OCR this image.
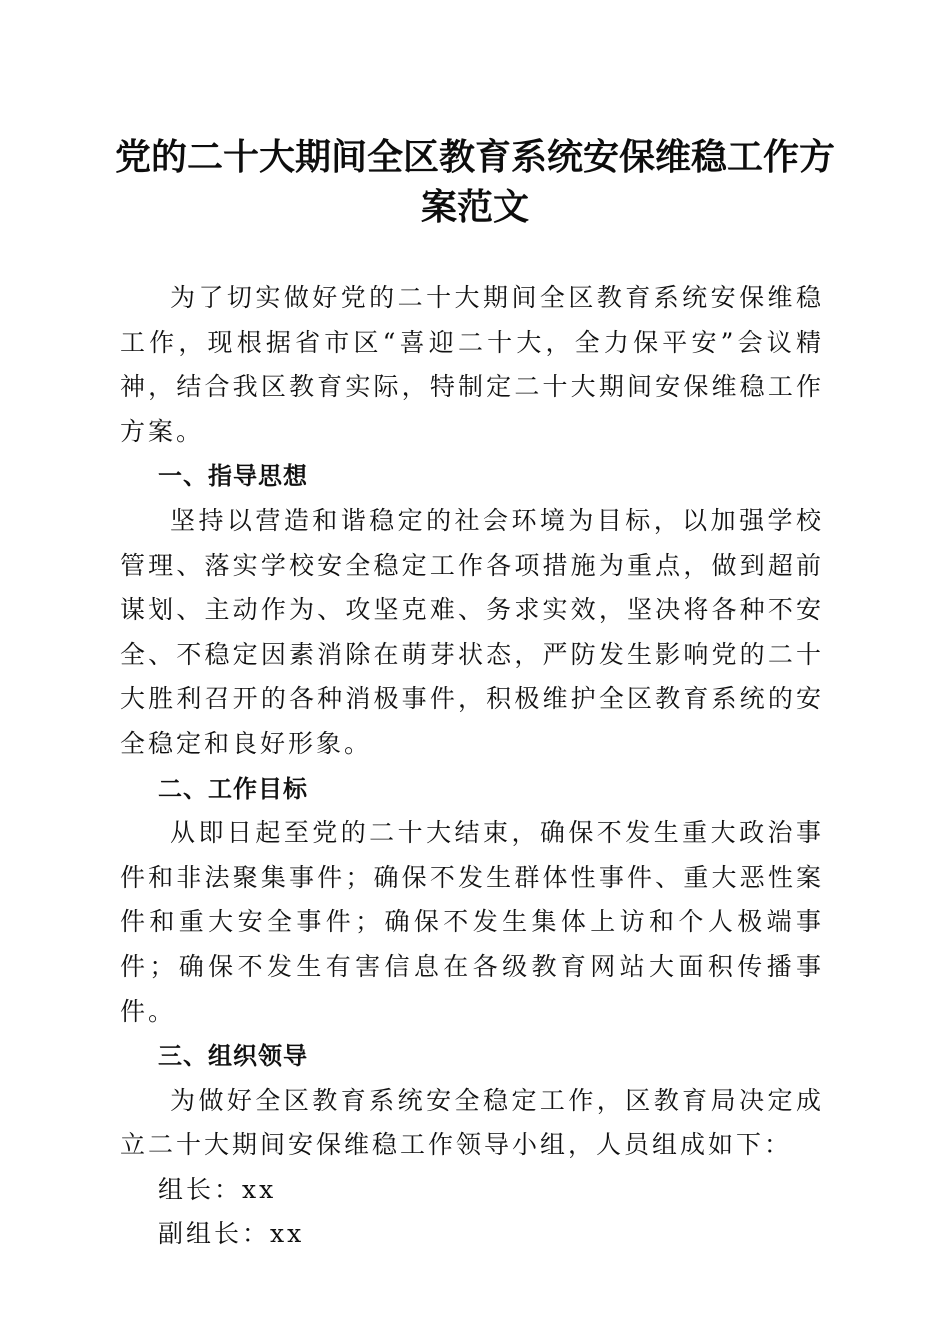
党的二十大期间全区教育系统安保维稳工作方案范文

为了切实做好党的二十大期间全区教育系统安保维稳工作，现根据省市区“喜迎二十大，全力保平安”会议精神，结合我区教育实际，特制定二十大期间安保维稳工作方案。

一、指导思想

坚持以营造和谐稳定的社会环境为目标，以加强学校管理、落实学校安全稳定工作各项措施为重点，做到超前谋划、主动作为、攻坚克难、务求实效，坚决将各种不安全、不稳定因素消除在萌芽状态，严防发生影响党的二十大胜利召开的各种消极事件，积极维护全区教育系统的安全稳定和良好形象。

二、工作目标

从即日起至党的二十大结束，确保不发生重大政治事件和非法聚集事件；确保不发生群体性事件、重大恶性案件和重大安全事件；确保不发生集体上访和个人极端事件；确保不发生有害信息在各级教育网站大面积传播事件。

三、组织领导

为做好全区教育系统安全稳定工作，区教育局决定成立二十大期间安保维稳工作领导小组，人员组成如下：

组长：xx

副组长：xx
